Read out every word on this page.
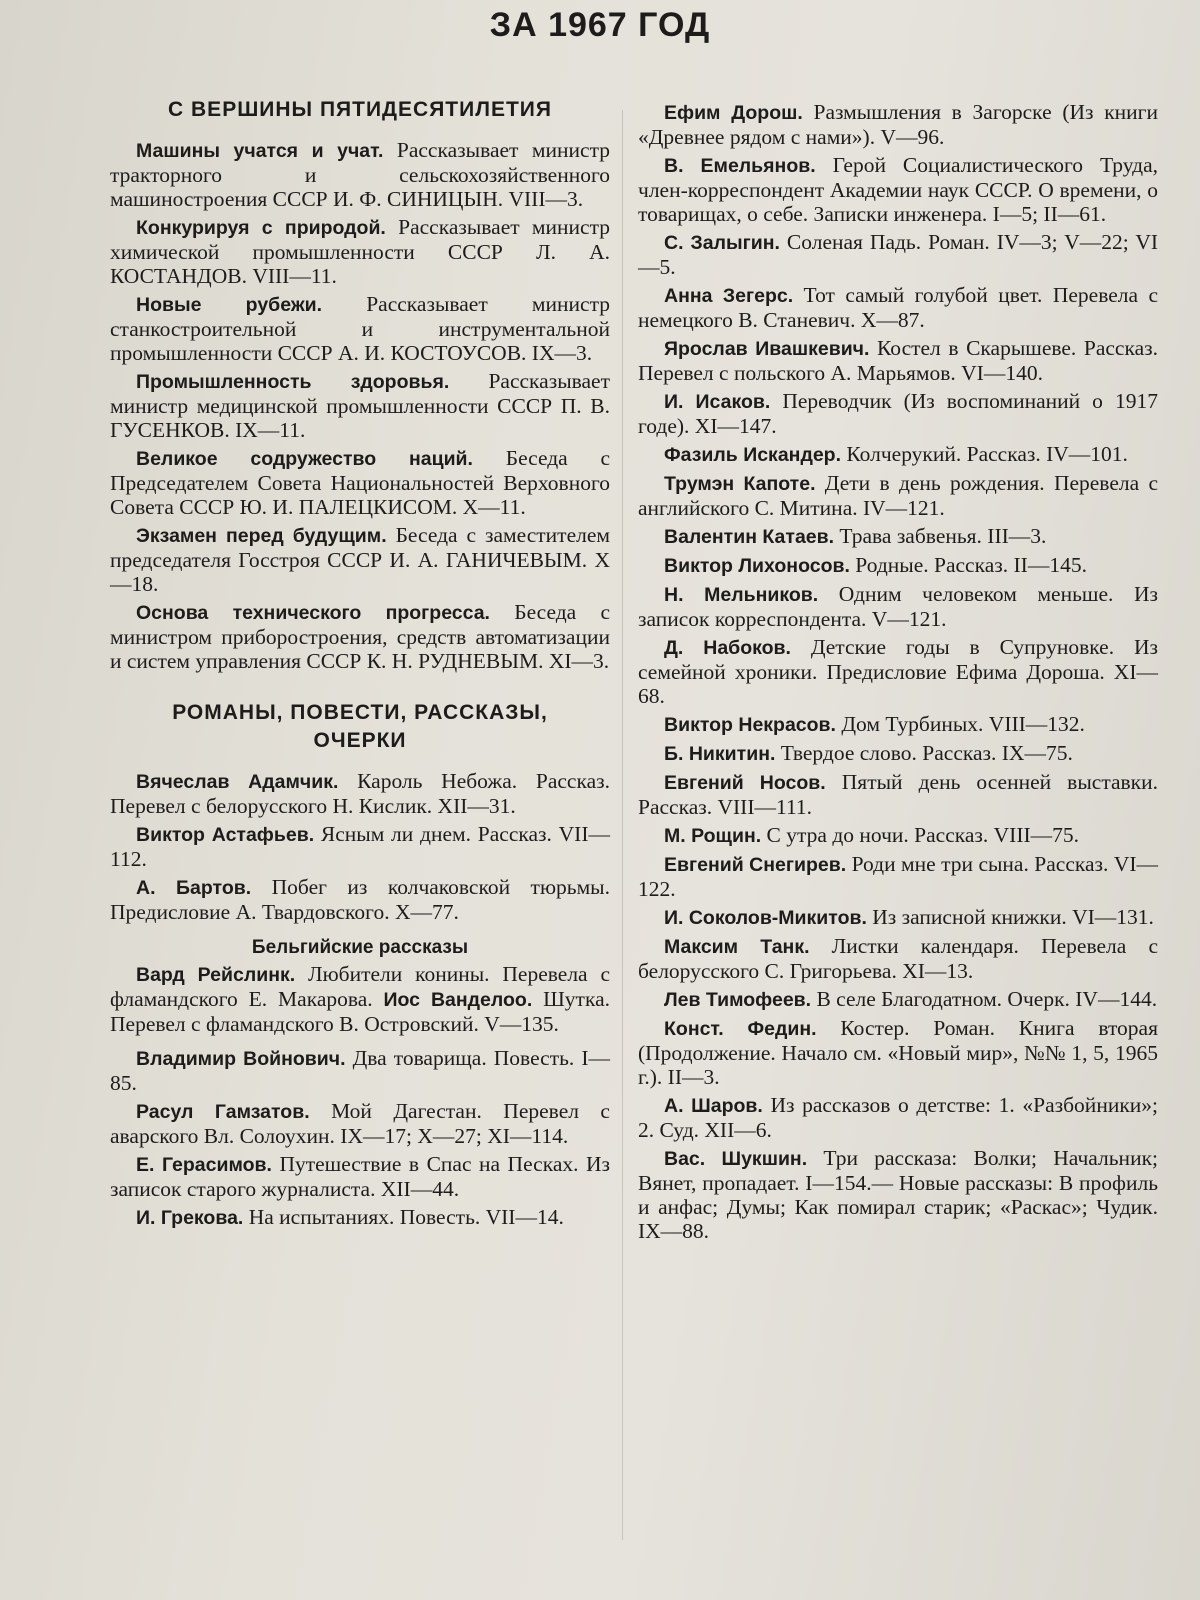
ЗА 1967 ГОД
С ВЕРШИНЫ ПЯТИДЕСЯТИЛЕТИЯ

Машины учатся и учат. Рассказывает министр тракторного и сельскохозяйственного машиностроения СССР И. Ф. СИНИЦЫН. VIII—3.

Конкурируя с природой. Рассказывает министр химической промышленности СССР Л. А. КОСТАНДОВ. VIII—11.

Новые рубежи. Рассказывает министр станкостроительной и инструментальной промышленности СССР А. И. КОСТОУСОВ. IX—3.

Промышленность здоровья. Рассказывает министр медицинской промышленности СССР П. В. ГУСЕНКОВ. IX—11.

Великое содружество наций. Беседа с Председателем Совета Национальностей Верховного Совета СССР Ю. И. ПАЛЕЦКИСОМ. X—11.

Экзамен перед будущим. Беседа с заместителем председателя Госстроя СССР И. А. ГАНИЧЕВЫМ. X—18.

Основа технического прогресса. Беседа с министром приборостроения, средств автоматизации и систем управления СССР К. Н. РУДНЕВЫМ. XI—3.

РОМАНЫ, ПОВЕСТИ, РАССКАЗЫ,
ОЧЕРКИ

Вячеслав Адамчик. Кароль Небожа. Рассказ. Перевел с белорусского Н. Кислик. XII—31.

Виктор Астафьев. Ясным ли днем. Рассказ. VII—112.

А. Бартов. Побег из колчаковской тюрьмы. Предисловие А. Твардовского. X—77.

Бельгийские рассказы

Вард Рейслинк. Любители конины. Перевела с фламандского Е. Макарова. Иос Ванделоо. Шутка. Перевел с фламандского В. Островский. V—135.

Владимир Войнович. Два товарища. Повесть. I—85.

Расул Гамзатов. Мой Дагестан. Перевел с аварского Вл. Солоухин. IX—17; X—27; XI—114.

Е. Герасимов. Путешествие в Спас на Песках. Из записок старого журналиста. XII—44.

И. Грекова. На испытаниях. Повесть. VII—14.

Ефим Дорош. Размышления в Загорске (Из книги «Древнее рядом с нами»). V—96.

В. Емельянов. Герой Социалистического Труда, член-корреспондент Академии наук СССР. О времени, о товарищах, о себе. Записки инженера. I—5; II—61.

С. Залыгин. Соленая Падь. Роман. IV—3; V—22; VI—5.

Анна Зегерс. Тот самый голубой цвет. Перевела с немецкого В. Станевич. X—87.

Ярослав Ивашкевич. Костел в Скарышеве. Рассказ. Перевел с польского А. Марьямов. VI—140.

И. Исаков. Переводчик (Из воспоминаний о 1917 годе). XI—147.

Фазиль Искандер. Колчерукий. Рассказ. IV—101.

Трумэн Капоте. Дети в день рождения. Перевела с английского С. Митина. IV—121.

Валентин Катаев. Трава забвенья. III—3.

Виктор Лихоносов. Родные. Рассказ. II—145.

Н. Мельников. Одним человеком меньше. Из записок корреспондента. V—121.

Д. Набоков. Детские годы в Супруновке. Из семейной хроники. Предисловие Ефима Дороша. XI—68.

Виктор Некрасов. Дом Турбиных. VIII—132.

Б. Никитин. Твердое слово. Рассказ. IX—75.

Евгений Носов. Пятый день осенней выставки. Рассказ. VIII—111.

М. Рощин. С утра до ночи. Рассказ. VIII—75.

Евгений Снегирев. Роди мне три сына. Рассказ. VI—122.

И. Соколов-Микитов. Из записной книжки. VI—131.

Максим Танк. Листки календаря. Перевела с белорусского С. Григорьева. XI—13.

Лев Тимофеев. В селе Благодатном. Очерк. IV—144.

Конст. Федин. Костер. Роман. Книга вторая (Продолжение. Начало см. «Новый мир», №№ 1, 5, 1965 г.). II—3.

А. Шаров. Из рассказов о детстве: 1. «Разбойники»; 2. Суд. XII—6.

Вас. Шукшин. Три рассказа: Волки; Начальник; Вянет, пропадает. I—154.— Новые рассказы: В профиль и анфас; Думы; Как помирал старик; «Раскас»; Чудик. IX—88.
